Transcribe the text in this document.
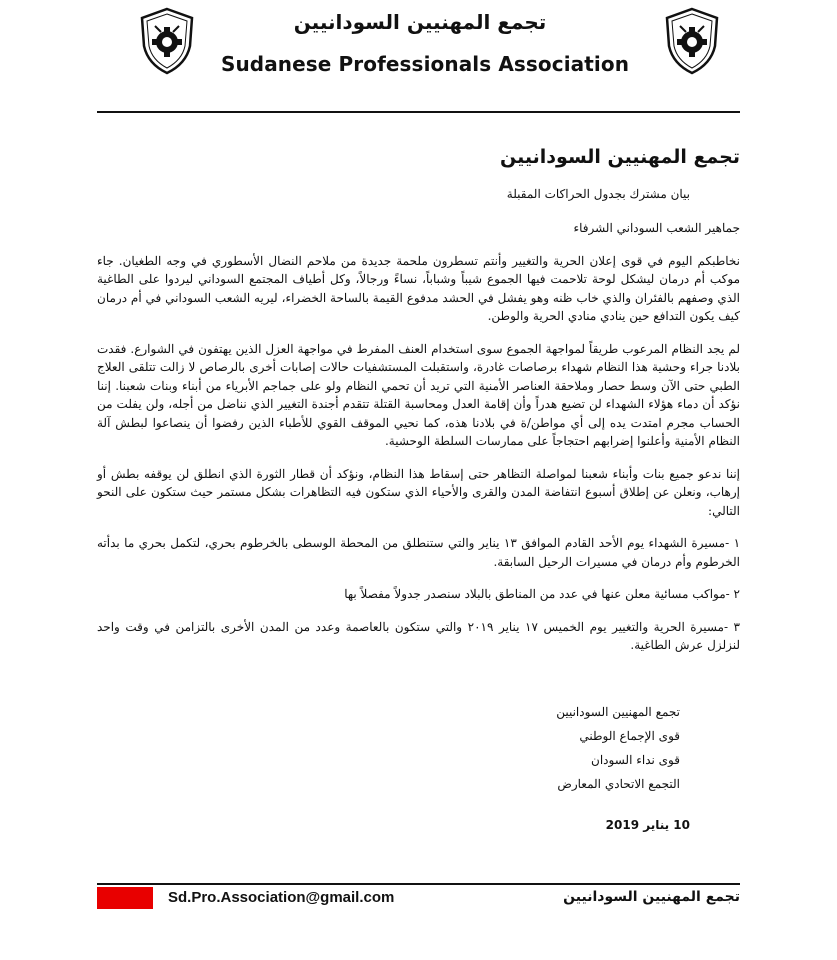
تجمع المهنيين السودانيين
Sudanese Professionals Association
تجمع المهنيين السودانيين
بيان مشترك بجدول الحراكات المقبلة
جماهير الشعب السوداني الشرفاء
نخاطبكم اليوم في قوى إعلان الحرية والتغيير وأنتم تسطرون ملحمة جديدة من ملاحم النضال الأسطوري في وجه الطغيان. جاء موكب أم درمان ليشكل لوحة تلاحمت فيها الجموع شيباً وشباباً، نساءً ورجالاً، وكل أطياف المجتمع السوداني ليردوا على الطاغية الذي وصفهم بالفئران والذي خاب ظنه وهو يفشل في الحشد مدفوع القيمة بالساحة الخضراء، ليريه الشعب السوداني في أم درمان كيف يكون التدافع حين ينادي منادي الحرية والوطن.
لم يجد النظام المرعوب طريقاً لمواجهة الجموع سوى استخدام العنف المفرط في مواجهة العزل الذين يهتفون في الشوارع. فقدت بلادنا جراء وحشية هذا النظام شهداء برصاصات غادرة، واستقبلت المستشفيات حالات إصابات أخرى بالرصاص لا زالت تتلقى العلاج الطبي حتى الآن وسط حصار وملاحقة العناصر الأمنية التي تريد أن تحمي النظام ولو على جماجم الأبرياء من أبناء وبنات شعبنا. إننا نؤكد أن دماء هؤلاء الشهداء لن تضيع هدراً وأن إقامة العدل ومحاسبة القتلة تتقدم أجندة التغيير الذي نناضل من أجله، ولن يفلت من الحساب مجرم امتدت يده إلى أي مواطن/ة في بلادنا هذه، كما نحيي الموقف القوي للأطباء الذين رفضوا أن ينصاعوا لبطش آلة النظام الأمنية وأعلنوا إضرابهم احتجاجاً على ممارسات السلطة الوحشية.
إننا ندعو جميع بنات وأبناء شعبنا لمواصلة التظاهر حتى إسقاط هذا النظام، ونؤكد أن قطار الثورة الذي انطلق لن يوقفه بطش أو إرهاب، ونعلن عن إطلاق أسبوع انتفاضة المدن والقرى والأحياء الذي ستكون فيه التظاهرات بشكل مستمر حيث ستكون على النحو التالي:
١ -مسيرة الشهداء يوم الأحد القادم الموافق ١٣ يناير والتي ستنطلق من المحطة الوسطى بالخرطوم بحري، لتكمل بحري ما بدأته الخرطوم وأم درمان في مسيرات الرحيل السابقة.
٢ -مواكب مسائية معلن عنها في عدد من المناطق بالبلاد سنصدر جدولاً مفصلاً بها
٣ -مسيرة الحرية والتغيير يوم الخميس ١٧ يناير ٢٠١٩ والتي ستكون بالعاصمة وعدد من المدن الأخرى بالتزامن في وقت واحد لنزلزل عرش الطاغية.
تجمع المهنيين السودانيين
قوى الإجماع الوطني
قوى نداء السودان
التجمع الاتحادي المعارض
10 يناير 2019
Sd.Pro.Association@gmail.com	تجمع المهنيين السودانيين
